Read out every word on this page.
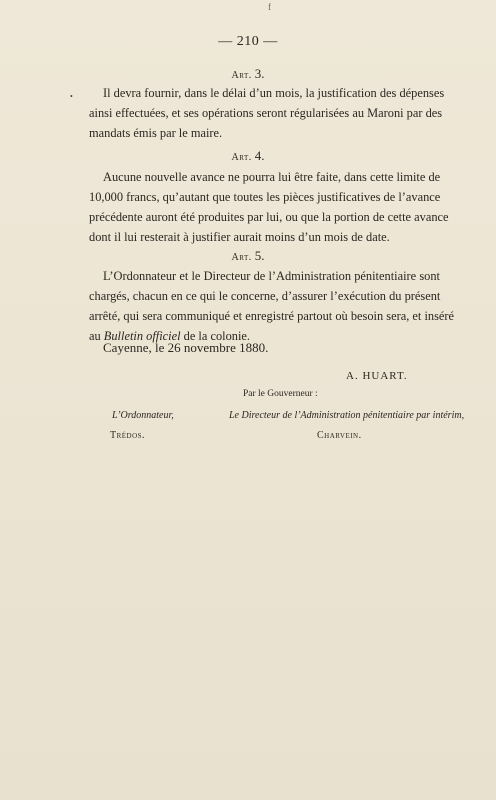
f
— 210 —
Art. 3.
Il devra fournir, dans le délai d’un mois, la justification des dépenses
ainsi effectuées, et ses opérations seront régularisées au Maroni par des
mandats émis par le maire.
Art. 4.
Aucune nouvelle avance ne pourra lui être faite, dans cette limite de
10,000 francs, qu’autant que toutes les pièces justificatives de l’avance
précédente auront été produites par lui, ou que la portion de cette avance
dont il lui resterait à justifier aurait moins d’un mois de date.
Art. 5.
L’Ordonnateur et le Directeur de l’Administration pénitentiaire sont
chargés, chacun en ce qui le concerne, d’assurer l’exécution du présent
arrêté, qui sera communiqué et enregistré partout où besoin sera, et inséré
au Bulletin officiel de la colonie.
Cayenne, le 26 novembre 1880.
A. HUART.
Par le Gouverneur :
L’Ordonnateur,
Trédos.
Le Directeur de l’Administration pénitentiaire par intérim,
Charvein.
•
